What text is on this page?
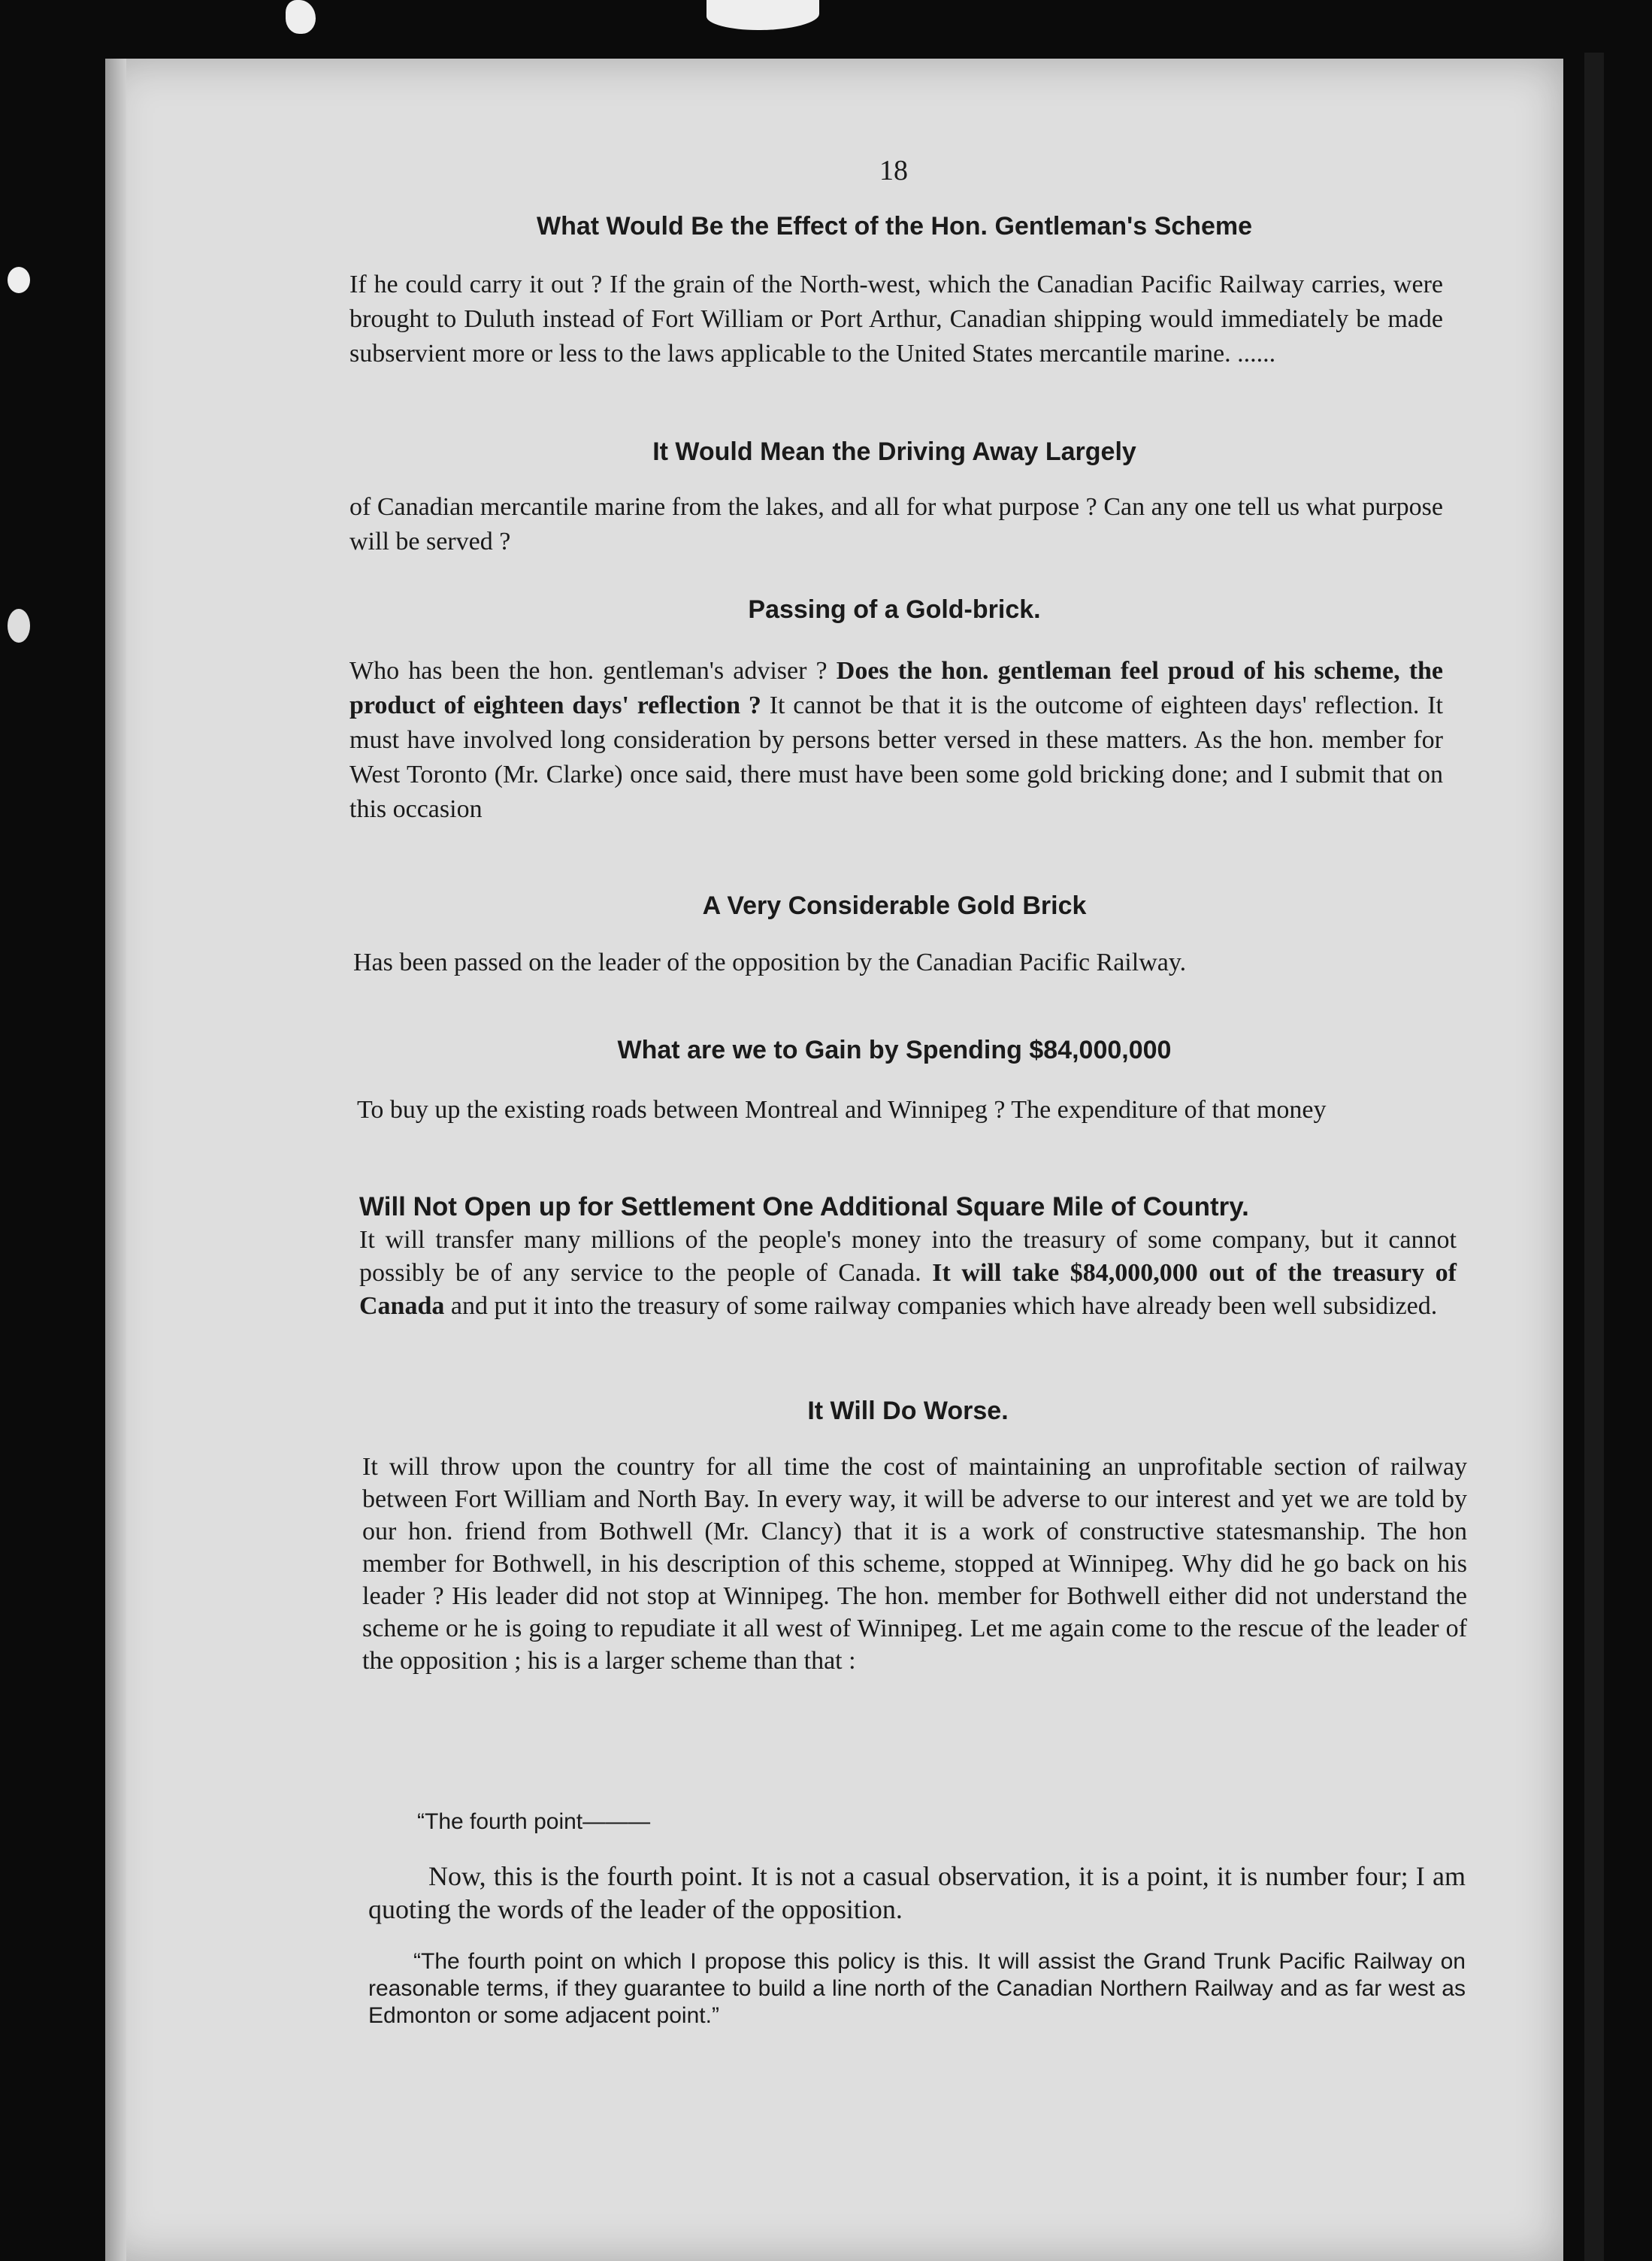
18
What Would Be the Effect of the Hon. Gentleman's Scheme
If he could carry it out ? If the grain of the North-west, which the Canadian Pacific Railway carries, were brought to Duluth instead of Fort William or Port Arthur, Canadian shipping would immediately be made subservient more or less to the laws applicable to the United States mercantile marine. ......
It Would Mean the Driving Away Largely
of Canadian mercantile marine from the lakes, and all for what purpose ? Can any one tell us what purpose will be served ?
Passing of a Gold-brick.
Who has been the hon. gentleman's adviser ? Does the hon. gentleman feel proud of his scheme, the product of eighteen days' reflection ? It cannot be that it is the outcome of eighteen days' reflection. It must have involved long consideration by persons better versed in these matters. As the hon. member for West Toronto (Mr. Clarke) once said, there must have been some gold bricking done; and I submit that on this occasion
A Very Considerable Gold Brick
Has been passed on the leader of the opposition by the Canadian Pacific Railway.
What are we to Gain by Spending $84,000,000
To buy up the existing roads between Montreal and Winnipeg ? The expenditure of that money
Will Not Open up for Settlement One Additional Square Mile of Country.
It will transfer many millions of the people's money into the treasury of some company, but it cannot possibly be of any service to the people of Canada. It will take $84,000,000 out of the treasury of Canada and put it into the treasury of some railway companies which have already been well subsidized.
It Will Do Worse.
It will throw upon the country for all time the cost of maintaining an unprofitable section of railway between Fort William and North Bay. In every way, it will be adverse to our interest and yet we are told by our hon. friend from Bothwell (Mr. Clancy) that it is a work of constructive statesmanship. The hon member for Bothwell, in his description of this scheme, stopped at Winnipeg. Why did he go back on his leader ? His leader did not stop at Winnipeg. The hon. member for Bothwell either did not understand the scheme or he is going to repudiate it all west of Winnipeg. Let me again come to the rescue of the leader of the opposition ; his is a larger scheme than that :
“The fourth point———
Now, this is the fourth point. It is not a casual observation, it is a point, it is number four; I am quoting the words of the leader of the opposition.
“The fourth point on which I propose this policy is this. It will assist the Grand Trunk Pacific Railway on reasonable terms, if they guarantee to build a line north of the Canadian Northern Railway and as far west as Edmonton or some adjacent point.”
